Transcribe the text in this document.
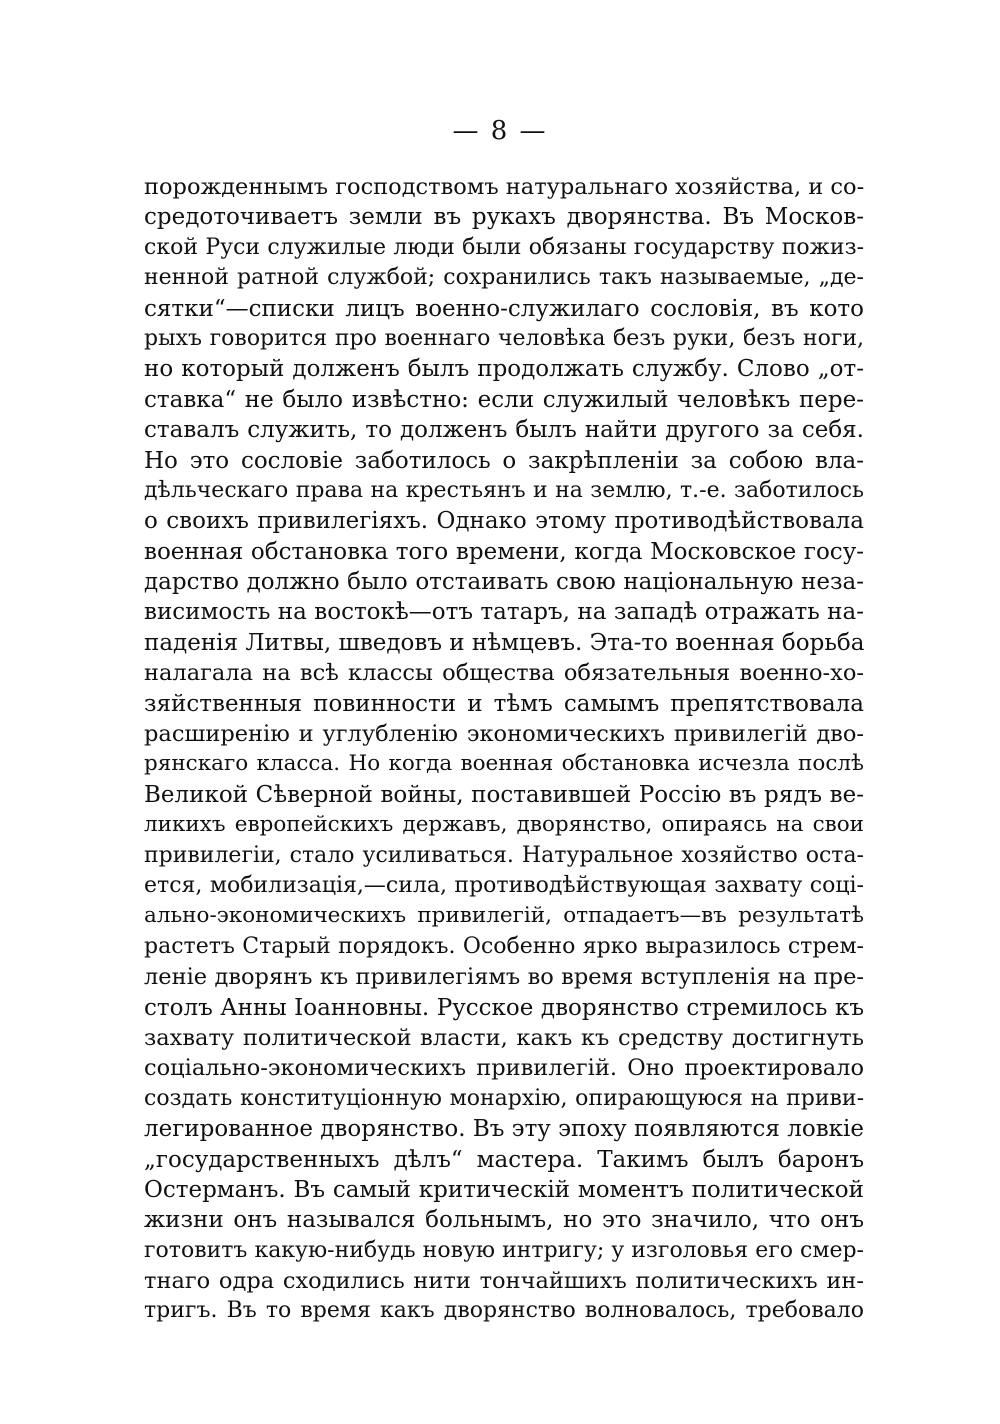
— 8 —
порожденнымъ господствомъ натуральнаго хозяйства, и со-
средоточиваетъ земли въ рукахъ дворянства. Въ Москов-
ской Руси служилые люди были обязаны государству пожиз-
ненной ратной службой; сохранились такъ называемые, „де-
сятки“—списки лицъ военно-служилаго сословія, въ кото
рыхъ говорится про военнаго человѣка безъ руки, безъ ноги,
но который долженъ былъ продолжать службу. Слово „от-
ставка“ не было извѣстно: если служилый человѣкъ пере-
ставалъ служить, то долженъ былъ найти другого за себя.
Но это сословіе заботилось о закрѣпленіи за собою вла-
дѣльческаго права на крестьянъ и на землю, т.-е. заботилось
о своихъ привилегіяхъ. Однако этому противодѣйствовала
военная обстановка того времени, когда Московское госу-
дарство должно было отстаивать свою національную неза-
висимость на востокѣ—отъ татаръ, на западѣ отражать на-
паденія Литвы, шведовъ и нѣмцевъ. Эта-то военная борьба
налагала на всѣ классы общества обязательныя военно-хо-
зяйственныя повинности и тѣмъ самымъ препятствовала
расширенію и углубленію экономическихъ привилегій дво-
рянскаго класса. Но когда военная обстановка исчезла послѣ
Великой Сѣверной войны, поставившей Россію въ рядъ ве-
ликихъ европейскихъ державъ, дворянство, опираясь на свои
привилегіи, стало усиливаться. Натуральное хозяйство оста-
ется, мобилизація,—сила, противодѣйствующая захвату соці-
ально-экономическихъ привилегій, отпадаетъ—въ результатѣ
растетъ Старый порядокъ. Особенно ярко выразилось стрем-
леніе дворянъ къ привилегіямъ во время вступленія на пре-
столъ Анны Іоанновны. Русское дворянство стремилось къ
захвату политической власти, какъ къ средству достигнуть
соціально-экономическихъ привилегій. Оно проектировало
создать конституціонную монархію, опирающуюся на приви-
легированное дворянство. Въ эту эпоху появляются ловкіе
„государственныхъ дѣлъ“ мастера. Такимъ былъ баронъ
Остерманъ. Въ самый критическій моментъ политической
жизни онъ назывался больнымъ, но это значило, что онъ
готовитъ какую-нибудь новую интригу; у изголовья его смер-
тнаго одра сходились нити тончайшихъ политическихъ ин-
тригъ. Въ то время какъ дворянство волновалось, требовало
